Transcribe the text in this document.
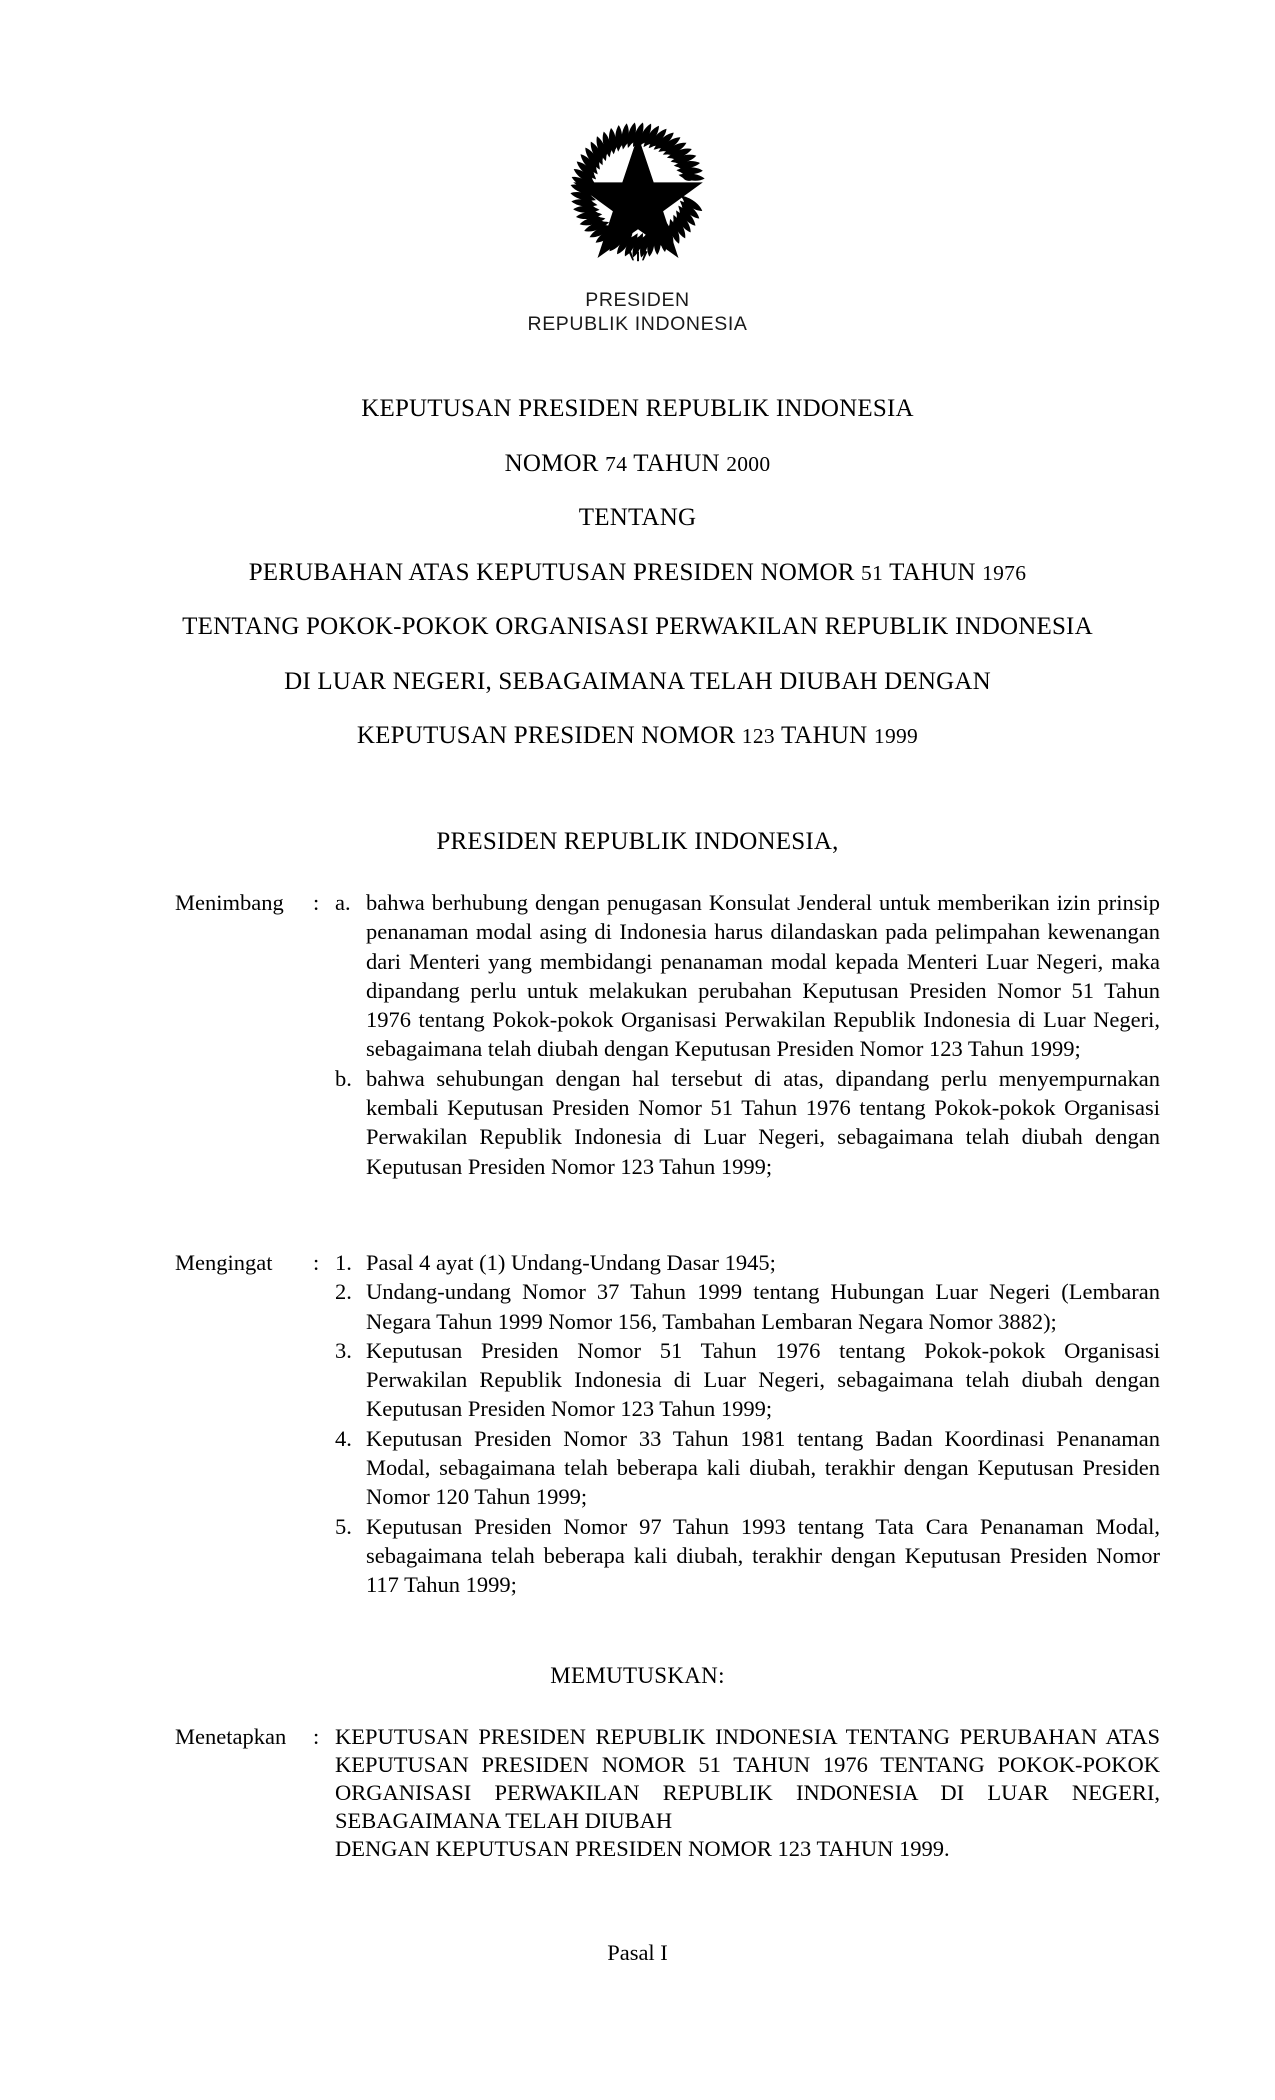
PRESIDEN
REPUBLIK INDONESIA
KEPUTUSAN PRESIDEN REPUBLIK INDONESIA
NOMOR 74 TAHUN 2000
TENTANG
PERUBAHAN ATAS KEPUTUSAN PRESIDEN NOMOR 51 TAHUN 1976
TENTANG POKOK-POKOK ORGANISASI PERWAKILAN REPUBLIK INDONESIA
DI LUAR NEGERI, SEBAGAIMANA TELAH DIUBAH DENGAN
KEPUTUSAN PRESIDEN NOMOR 123 TAHUN 1999
PRESIDEN REPUBLIK INDONESIA,
Menimbang	: a. bahwa berhubung dengan penugasan Konsulat Jenderal untuk memberikan izin prinsip penanaman modal asing di Indonesia harus dilandaskan pada pelimpahan kewenangan dari Menteri yang membidangi penanaman modal kepada Menteri Luar Negeri, maka dipandang perlu untuk melakukan perubahan Keputusan Presiden Nomor 51 Tahun 1976 tentang Pokok-pokok Organisasi Perwakilan Republik Indonesia di Luar Negeri, sebagaimana telah diubah dengan Keputusan Presiden Nomor 123 Tahun 1999;
b. bahwa sehubungan dengan hal tersebut di atas, dipandang perlu menyempurnakan kembali Keputusan Presiden Nomor 51 Tahun 1976 tentang Pokok-pokok Organisasi Perwakilan Republik Indonesia di Luar Negeri, sebagaimana telah diubah dengan Keputusan Presiden Nomor 123 Tahun 1999;
Mengingat	: 1. Pasal 4 ayat (1) Undang-Undang Dasar 1945;
2. Undang-undang Nomor 37 Tahun 1999 tentang Hubungan Luar Negeri (Lembaran Negara Tahun 1999 Nomor 156, Tambahan Lembaran Negara Nomor 3882);
3. Keputusan Presiden Nomor 51 Tahun 1976 tentang Pokok-pokok Organisasi Perwakilan Republik Indonesia di Luar Negeri, sebagaimana telah diubah dengan Keputusan Presiden Nomor 123 Tahun 1999;
4. Keputusan Presiden Nomor 33 Tahun 1981 tentang Badan Koordinasi Penanaman Modal, sebagaimana telah beberapa kali diubah, terakhir dengan Keputusan Presiden Nomor 120 Tahun 1999;
5. Keputusan Presiden Nomor 97 Tahun 1993 tentang Tata Cara Penanaman Modal, sebagaimana telah beberapa kali diubah, terakhir dengan Keputusan Presiden Nomor 117 Tahun 1999;
MEMUTUSKAN:
Menetapkan	: KEPUTUSAN PRESIDEN REPUBLIK INDONESIA TENTANG PERUBAHAN ATAS KEPUTUSAN PRESIDEN NOMOR 51 TAHUN 1976 TENTANG POKOK-POKOK ORGANISASI PERWAKILAN REPUBLIK INDONESIA DI LUAR NEGERI, SEBAGAIMANA TELAH DIUBAH
DENGAN KEPUTUSAN PRESIDEN NOMOR 123 TAHUN 1999.
Pasal I
